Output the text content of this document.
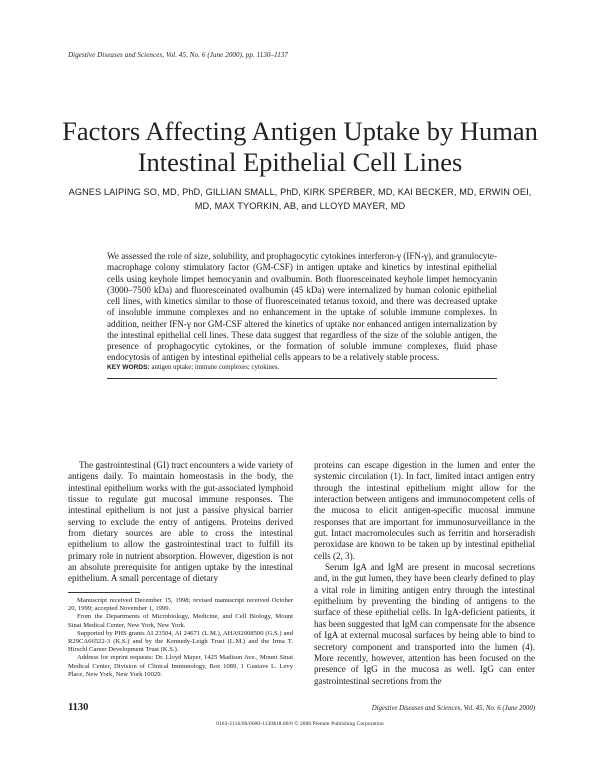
Digestive Diseases and Sciences, Vol. 45, No. 6 (June 2000), pp. 1130–1137
Factors Affecting Antigen Uptake by Human Intestinal Epithelial Cell Lines
AGNES LAIPING SO, MD, PhD, GILLIAN SMALL, PhD, KIRK SPERBER, MD, KAI BECKER, MD, ERWIN OEI, MD, MAX TYORKIN, AB, and LLOYD MAYER, MD
We assessed the role of size, solubility, and prophagocytic cytokines interferon-γ (IFN-γ), and granulocyte-macrophage colony stimulatory factor (GM-CSF) in antigen uptake and kinetics by intestinal epithelial cells using keyhole limpet hemocyanin and ovalbumin. Both fluoresceinated keyhole limpet hemocyanin (3000–7500 kDa) and fluoresceinated ovalbumin (45 kDa) were internalized by human colonic epithelial cell lines, with kinetics similar to those of fluoresceinated tetanus toxoid, and there was decreased uptake of insoluble immune complexes and no enhancement in the uptake of soluble immune complexes. In addition, neither IFN-γ nor GM-CSF altered the kinetics of uptake nor enhanced antigen internalization by the intestinal epithelial cell lines. These data suggest that regardless of the size of the soluble antigen, the presence of prophagocytic cytokines, or the formation of soluble immune complexes, fluid phase endocytosis of antigen by intestinal epithelial cells appears to be a relatively stable process.
KEY WORDS: antigen uptake; immune complexes; cytokines.
The gastrointestinal (GI) tract encounters a wide variety of antigens daily. To maintain homeostasis in the body, the intestinal epithelium works with the gut-associated lymphoid tissue to regulate gut mucosal immune responses. The intestinal epithelium is not just a passive physical barrier serving to exclude the entry of antigens. Proteins derived from dietary sources are able to cross the intestinal epithelium to allow the gastrointestinal tract to fulfill its primary role in nutrient absorption. However, digestion is not an absolute prerequisite for antigen uptake by the intestinal epithelium. A small percentage of dietary

proteins can escape digestion in the lumen and enter the systemic circulation (1). In fact, limited intact antigen entry through the intestinal epithelium might allow for the interaction between antigens and immunocompetent cells of the mucosa to elicit antigen-specific mucosal immune responses that are important for immunosurveillance in the gut. Intact macromolecules such as ferritin and horseradish peroxidase are known to be taken up by intestinal epithelial cells (2, 3).

Serum IgA and IgM are present in mucosal secretions and, in the gut lumen, they have been clearly defined to play a vital role in limiting antigen entry through the intestinal epithelium by preventing the binding of antigens to the surface of these epithelial cells. In IgA-deficient patients, it has been suggested that IgM can compensate for the absence of IgA at external mucosal surfaces by being able to bind to secretory component and transported into the lumen (4). More recently, however, attention has been focused on the presence of IgG in the mucosa as well. IgG can enter gastrointestinal secretions from the

Manuscript received December 15, 1998; revised manuscript received October 20, 1999; accepted November 1, 1999.

From the Departments of Microbiology, Medicine, and Cell Biology, Mount Sinai Medical Center, New York, New York.

Supported by PHS grants AI 23504, AI 24671 (L.M.), AHA92008500 (G.S.) and R29CA66522-3 (K.S.) and by the Kennedy-Leigh Trust (L.M.) and the Irma T. Hirschl Career Development Trust (K.S.).

Address for reprint requests: Dr. Lloyd Mayer, 1425 Madison Ave., Mount Sinai Medical Center, Division of Clinical Immunology, Box 1089, 1 Gustave L. Levy Place, New York, New York 10029.

1130	Digestive Diseases and Sciences, Vol. 45, No. 6 (June 2000)
0163-2116/00/0600-1130$18.00/0 © 2000 Plenum Publishing Corporation
